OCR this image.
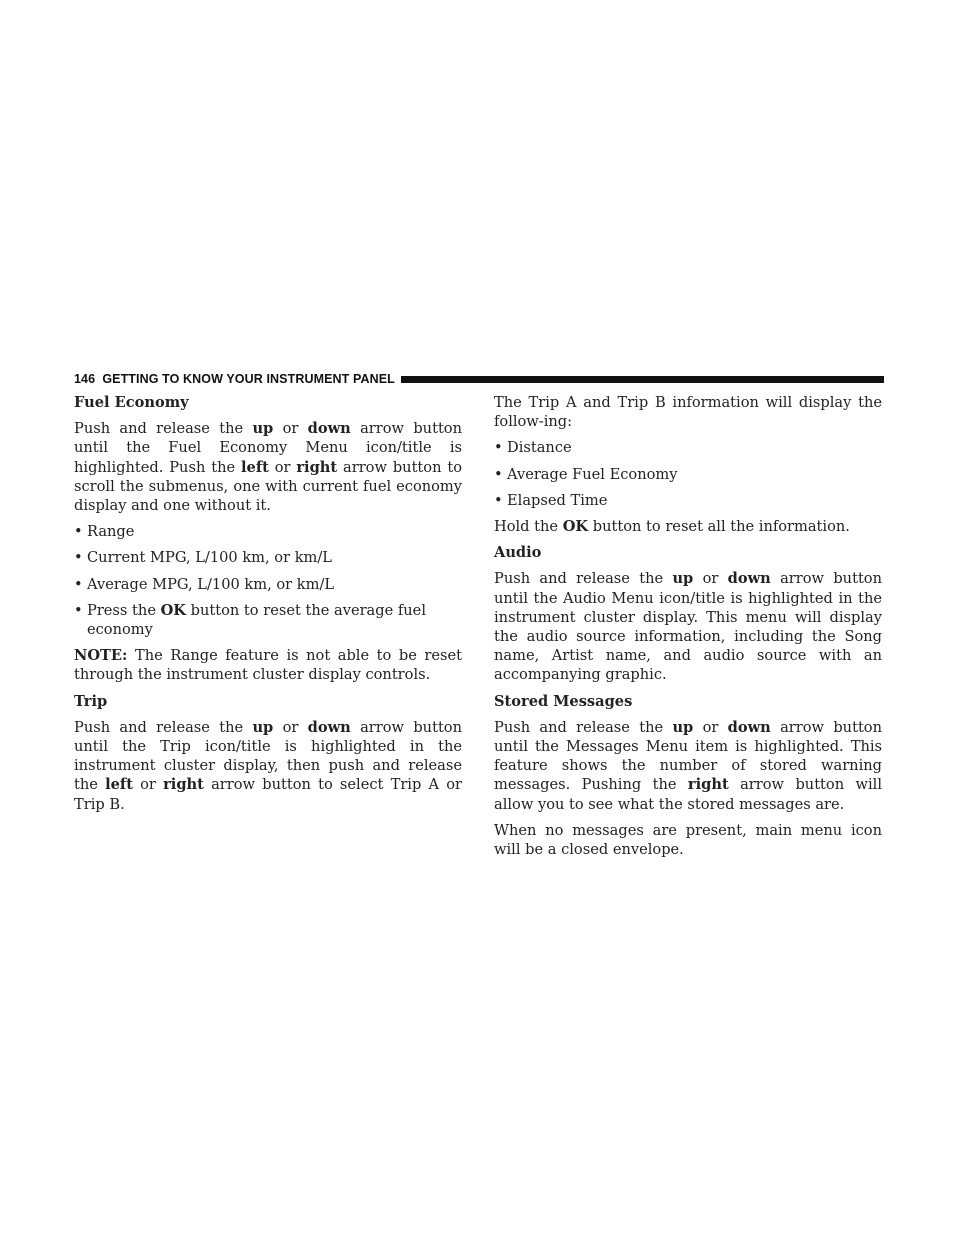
146 GETTING TO KNOW YOUR INSTRUMENT PANEL
Fuel Economy

Push and release the up or down arrow button until the Fuel Economy Menu icon/title is highlighted. Push the left or right arrow button to scroll the submenus, one with current fuel economy display and one without it.

• Range
• Current MPG, L/100 km, or km/L
• Average MPG, L/100 km, or km/L
• Press the OK button to reset the average fuel economy

NOTE: The Range feature is not able to be reset through the instrument cluster display controls.

Trip

Push and release the up or down arrow button until the Trip icon/title is highlighted in the instrument cluster display, then push and release the left or right arrow button to select Trip A or Trip B.

The Trip A and Trip B information will display the follow-ing:

• Distance
• Average Fuel Economy
• Elapsed Time

Hold the OK button to reset all the information.

Audio

Push and release the up or down arrow button until the Audio Menu icon/title is highlighted in the instrument cluster display. This menu will display the audio source information, including the Song name, Artist name, and audio source with an accompanying graphic.

Stored Messages

Push and release the up or down arrow button until the Messages Menu item is highlighted. This feature shows the number of stored warning messages. Pushing the right arrow button will allow you to see what the stored messages are.

When no messages are present, main menu icon will be a closed envelope.
